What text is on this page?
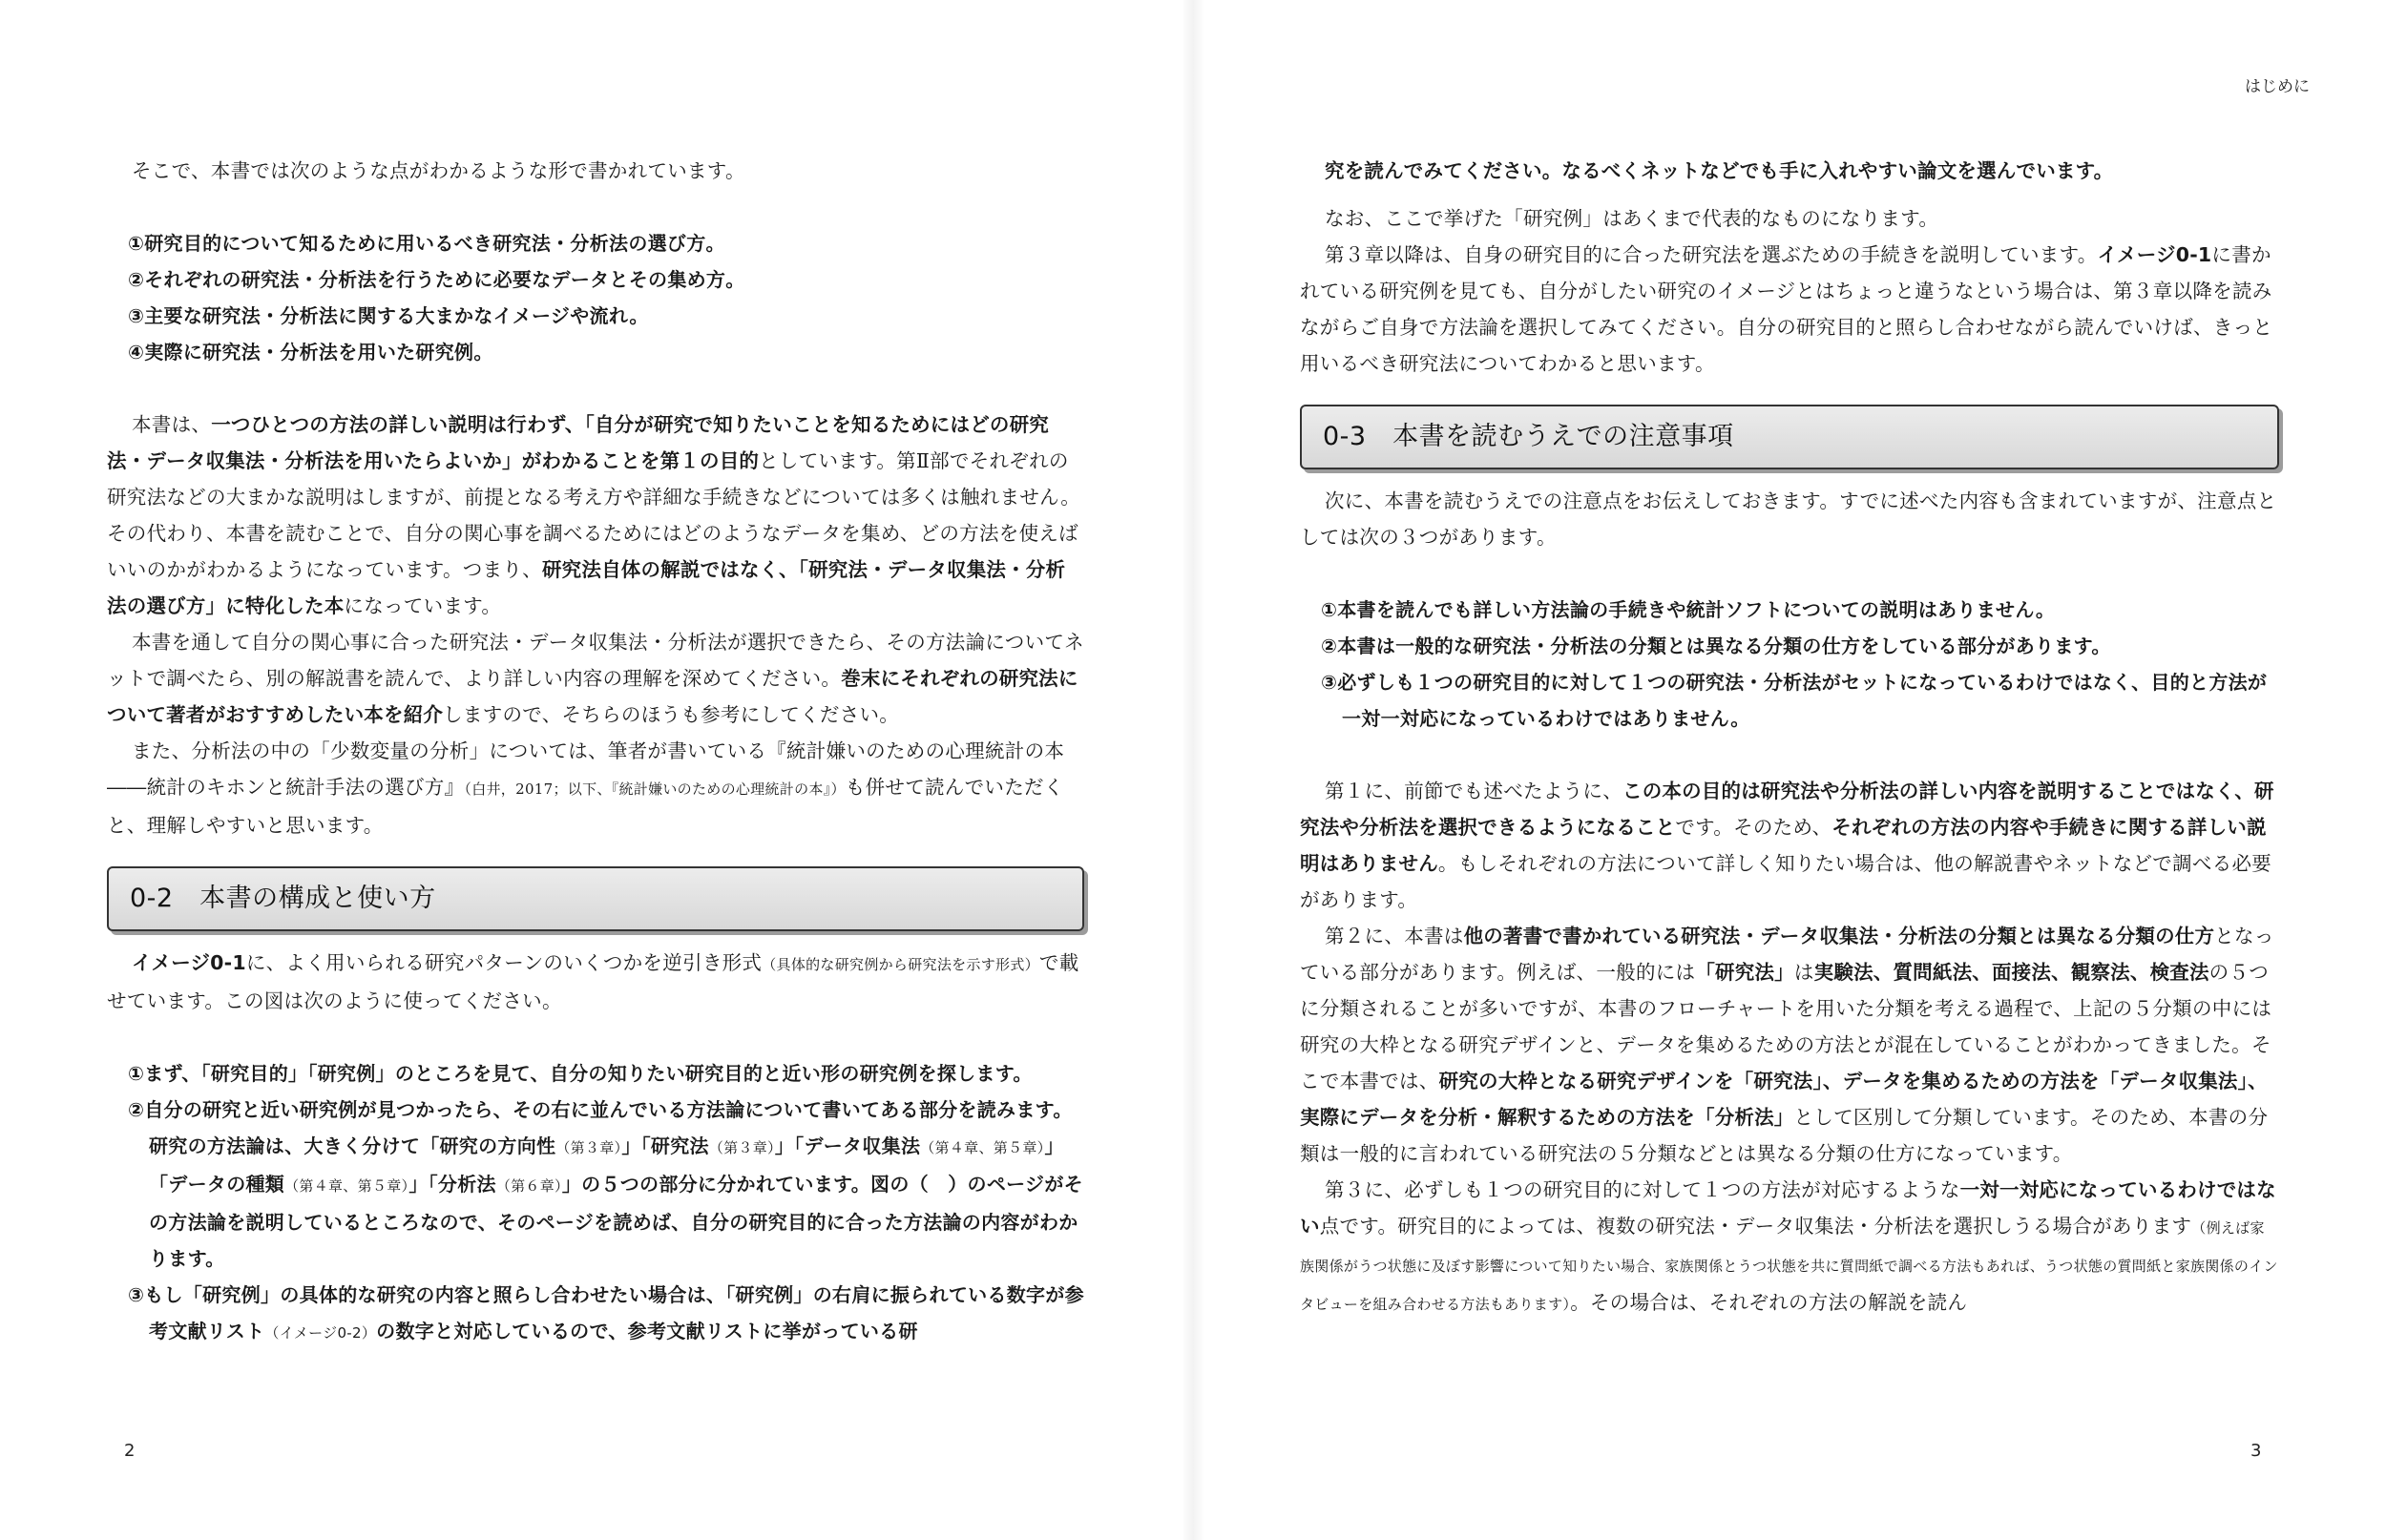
そこで、本書では次のような点がわかるような形で書かれています。

①研究目的について知るために用いるべき研究法・分析法の選び方。
②それぞれの研究法・分析法を行うために必要なデータとその集め方。
③主要な研究法・分析法に関する大まかなイメージや流れ。
④実際に研究法・分析法を用いた研究例。

本書は、一つひとつの方法の詳しい説明は行わず、「自分が研究で知りたいことを知るためにはどの研究法・データ収集法・分析法を用いたらよいか」がわかることを第１の目的としています。第Ⅱ部でそれぞれの研究法などの大まかな説明はしますが、前提となる考え方や詳細な手続きなどについては多くは触れません。その代わり、本書を読むことで、自分の関心事を調べるためにはどのようなデータを集め、どの方法を使えばいいのかがわかるようになっています。つまり、研究法自体の解説ではなく、「研究法・データ収集法・分析法の選び方」に特化した本になっています。

本書を通して自分の関心事に合った研究法・データ収集法・分析法が選択できたら、その方法論についてネットで調べたら、別の解説書を読んで、より詳しい内容の理解を深めてください。巻末にそれぞれの研究法について著者がおすすめしたい本を紹介しますので、そちらのほうも参考にしてください。

また、分析法の中の「少数変量の分析」については、筆者が書いている『統計嫌いのための心理統計の本――統計のキホンと統計手法の選び方』（白井，2017；以下、『統計嫌いのための心理統計の本』）も併せて読んでいただくと、理解しやすいと思います。

0-2　本書の構成と使い方

イメージ0-1に、よく用いられる研究パターンのいくつかを逆引き形式（具体的な研究例から研究法を示す形式）で載せています。この図は次のように使ってください。

①まず、「研究目的」「研究例」のところを見て、自分の知りたい研究目的と近い形の研究例を探します。
②自分の研究と近い研究例が見つかったら、その右に並んでいる方法論について書いてある部分を読みます。研究の方法論は、大きく分けて「研究の方向性（第３章）」「研究法（第３章）」「データ収集法（第４章、第５章）」「データの種類（第４章、第５章）」「分析法（第６章）」の５つの部分に分かれています。図の（　）のページがその方法論を説明しているところなので、そのページを読めば、自分の研究目的に合った方法論の内容がわかります。
③もし「研究例」の具体的な研究の内容と照らし合わせたい場合は、「研究例」の右肩に振られている数字が参考文献リスト（イメージ0-2）の数字と対応しているので、参考文献リストに挙がっている研
2
はじめに

究を読んでみてください。なるべくネットなどでも手に入れやすい論文を選んでいます。

なお、ここで挙げた「研究例」はあくまで代表的なものになります。

第３章以降は、自身の研究目的に合った研究法を選ぶための手続きを説明しています。イメージ0-1に書かれている研究例を見ても、自分がしたい研究のイメージとはちょっと違うなという場合は、第３章以降を読みながらご自身で方法論を選択してみてください。自分の研究目的と照らし合わせながら読んでいけば、きっと用いるべき研究法についてわかると思います。

0-3　本書を読むうえでの注意事項

次に、本書を読むうえでの注意点をお伝えしておきます。すでに述べた内容も含まれていますが、注意点としては次の３つがあります。

①本書を読んでも詳しい方法論の手続きや統計ソフトについての説明はありません。
②本書は一般的な研究法・分析法の分類とは異なる分類の仕方をしている部分があります。
③必ずしも１つの研究目的に対して１つの研究法・分析法がセットになっているわけではなく、目的と方法が一対一対応になっているわけではありません。

第１に、前節でも述べたように、この本の目的は研究法や分析法の詳しい内容を説明することではなく、研究法や分析法を選択できるようになることです。そのため、それぞれの方法の内容や手続きに関する詳しい説明はありません。もしそれぞれの方法について詳しく知りたい場合は、他の解説書やネットなどで調べる必要があります。

第２に、本書は他の著書で書かれている研究法・データ収集法・分析法の分類とは異なる分類の仕方となっている部分があります。例えば、一般的には「研究法」は実験法、質問紙法、面接法、観察法、検査法の５つに分類されることが多いですが、本書のフローチャートを用いた分類を考える過程で、上記の５分類の中には研究の大枠となる研究デザインと、データを集めるための方法とが混在していることがわかってきました。そこで本書では、研究の大枠となる研究デザインを「研究法」、データを集めるための方法を「データ収集法」、実際にデータを分析・解釈するための方法を「分析法」として区別して分類しています。そのため、本書の分類は一般的に言われている研究法の５分類などとは異なる分類の仕方になっています。

第３に、必ずしも１つの研究目的に対して１つの方法が対応するような一対一対応になっているわけではない点です。研究目的によっては、複数の研究法・データ収集法・分析法を選択しうる場合があります（例えば家族関係がうつ状態に及ぼす影響について知りたい場合、家族関係とうつ状態を共に質問紙で調べる方法もあれば、うつ状態の質問紙と家族関係のインタビューを組み合わせる方法もあります）。その場合は、それぞれの方法の解説を読ん

3
